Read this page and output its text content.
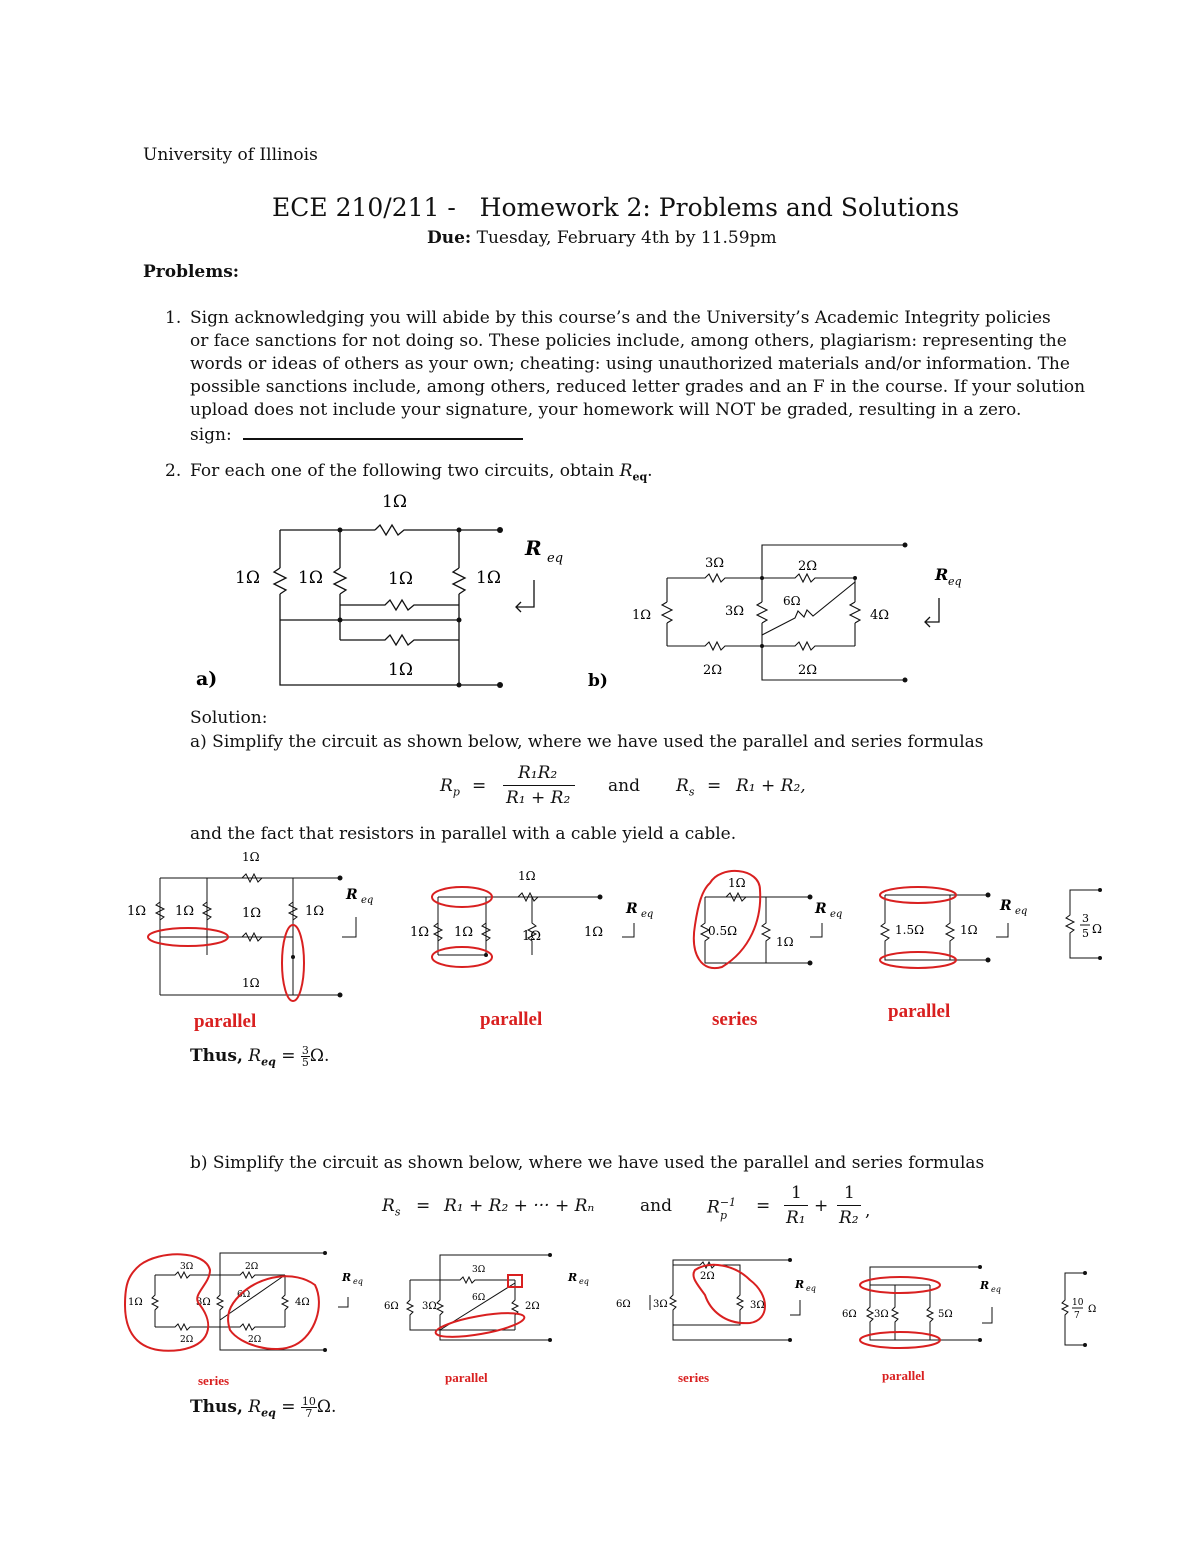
University of Illinois
ECE 210/211 - Homework 2: Problems and Solutions
Due: Tuesday, February 4th by 11.59pm
Problems:
1. Sign acknowledging you will abide by this course’s and the University’s Academic Integrity policies
or face sanctions for not doing so. These policies include, among others, plagiarism: representing the
words or ideas of others as your own; cheating: using unauthorized materials and/or information. The
possible sanctions include, among others, reduced letter grades and an F in the course. If your solution
upload does not include your signature, your homework will NOT be graded, resulting in a zero.
sign:
2. For each one of the following two circuits, obtain $R_{eq}$.
1Ω
1Ω 1Ω	1Ω	1Ω
1Ω
R eq
a)
3Ω	2Ω
1Ω	3Ω
6Ω
4Ω
2Ω	2Ω
R eq
b)
Solution:
a) Simplify the circuit as shown below, where we have used the parallel and series formulas
$R_p$ =
R₁R₂
R₁ + R₂
and $R_s = R_1 + R_2$,
and the fact that resistors in parallel with a cable yield a cable.
1Ω
1Ω 1Ω	1Ω	1Ω
1Ω
R eq
parallel
1Ω
1Ω 1Ω	1Ω	1Ω
R eq
parallel
1Ω
0.5Ω
1Ω
R eq
series
1.5Ω	1Ω
R eq
parallel
3
5 Ω
Thus, $R_{eq} = \frac{3}{5} \Omega$.
b) Simplify the circuit as shown below, where we have used the parallel and series formulas
$R_s = R_1 + R_2$ + ··· + Rₙ	and $R^{-1}$
p =
1
R₁
+
1
R₂ ,
3Ω	2Ω
1Ω	3Ω
6Ω
4Ω
2Ω	2Ω
R eq
series
3Ω
6Ω 3Ω
6Ω
2Ω
R eq
parallel
2Ω
6Ω 3Ω	3Ω
R eq
series
6Ω 3Ω	5Ω
R eq
parallel
10
7
Ω
Thus, $R_{eq} = \frac{10}{7} \Omega$.
